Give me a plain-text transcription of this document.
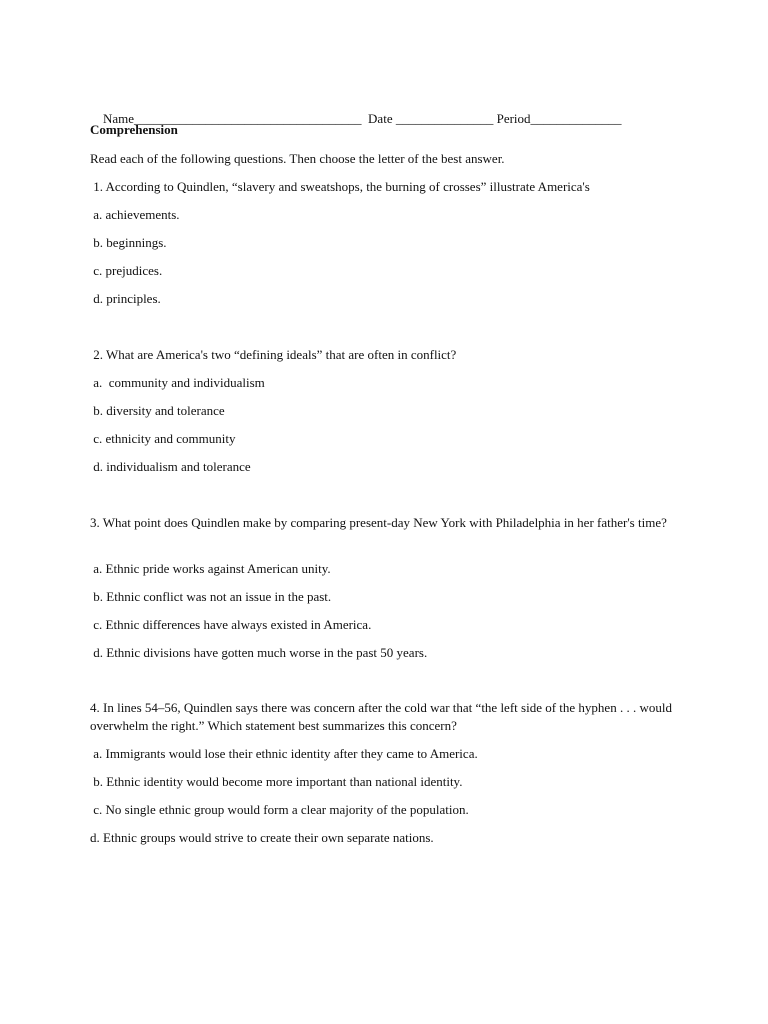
Name___________________________________ Date _______________ Period______________

Comprehension
Read each of the following questions. Then choose the letter of the best answer.
1. According to Quindlen, “slavery and sweatshops, the burning of crosses” illustrate America's
a. achievements.
b. beginnings.
c. prejudices.
d. principles.
2. What are America's two “defining ideals” that are often in conflict?
a.  community and individualism
b. diversity and tolerance
c. ethnicity and community
d. individualism and tolerance
3. What point does Quindlen make by comparing present-day New York with Philadelphia in her father's time?
a. Ethnic pride works against American unity.
b. Ethnic conflict was not an issue in the past.
c. Ethnic differences have always existed in America.
d. Ethnic divisions have gotten much worse in the past 50 years.
4. In lines 54–56, Quindlen says there was concern after the cold war that “the left side of the hyphen . . . would overwhelm the right.” Which statement best summarizes this concern?
a. Immigrants would lose their ethnic identity after they came to America.
b. Ethnic identity would become more important than national identity.
c. No single ethnic group would form a clear majority of the population.
d. Ethnic groups would strive to create their own separate nations.
